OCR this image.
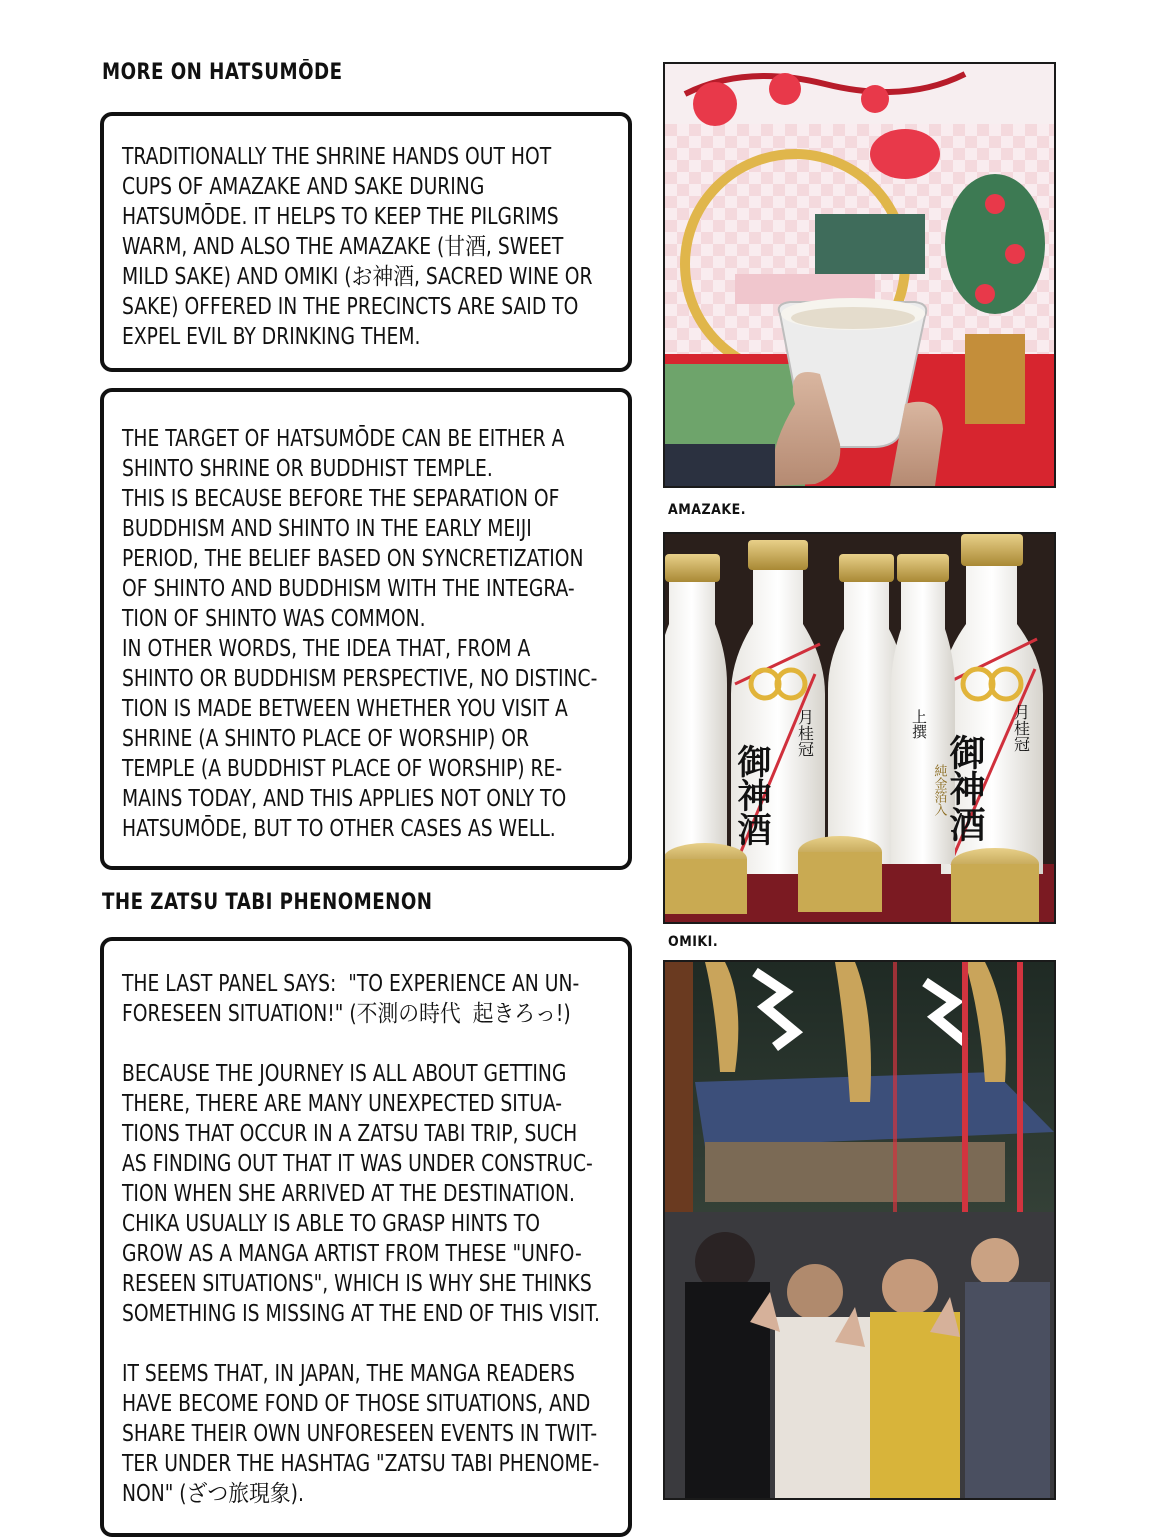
MORE ON HATSUMŌDE

TRADITIONALLY THE SHRINE HANDS OUT HOT
CUPS OF AMAZAKE AND SAKE DURING
HATSUMŌDE. IT HELPS TO KEEP THE PILGRIMS
WARM, AND ALSO THE AMAZAKE (甘酒, SWEET
MILD SAKE) AND OMIKI (お神酒, SACRED WINE OR
SAKE) OFFERED IN THE PRECINCTS ARE SAID TO
EXPEL EVIL BY DRINKING THEM.

THE TARGET OF HATSUMŌDE CAN BE EITHER A
SHINTO SHRINE OR BUDDHIST TEMPLE.
THIS IS BECAUSE BEFORE THE SEPARATION OF
BUDDHISM AND SHINTO IN THE EARLY MEIJI
PERIOD, THE BELIEF BASED ON SYNCRETIZATION
OF SHINTO AND BUDDHISM WITH THE INTEGRA-
TION OF SHINTO WAS COMMON.
IN OTHER WORDS, THE IDEA THAT, FROM A
SHINTO OR BUDDHISM PERSPECTIVE, NO DISTINC-
TION IS MADE BETWEEN WHETHER YOU VISIT A
SHRINE (A SHINTO PLACE OF WORSHIP) OR
TEMPLE (A BUDDHIST PLACE OF WORSHIP) RE-
MAINS TODAY, AND THIS APPLIES NOT ONLY TO
HATSUMŌDE, BUT TO OTHER CASES AS WELL.

THE ZATSU TABI PHENOMENON

THE LAST PANEL SAYS:  "TO EXPERIENCE AN UN-
FORESEEN SITUATION!" (不測の時代  起きろっ!)

BECAUSE THE JOURNEY IS ALL ABOUT GETTING
THERE, THERE ARE MANY UNEXPECTED SITUA-
TIONS THAT OCCUR IN A ZATSU TABI TRIP, SUCH
AS FINDING OUT THAT IT WAS UNDER CONSTRUC-
TION WHEN SHE ARRIVED AT THE DESTINATION.
CHIKA USUALLY IS ABLE TO GRASP HINTS TO
GROW AS A MANGA ARTIST FROM THESE "UNFO-
RESEEN SITUATIONS", WHICH IS WHY SHE THINKS
SOMETHING IS MISSING AT THE END OF THIS VISIT.

IT SEEMS THAT, IN JAPAN, THE MANGA READERS
HAVE BECOME FOND OF THOSE SITUATIONS, AND
SHARE THEIR OWN UNFORESEEN EVENTS IN TWIT-
TER UNDER THE HASHTAG "ZATSU TABI PHENOME-
NON" (ざつ旅現象).

AMAZAKE.

御神酒
月桂冠
御神酒
月桂冠
上撰
純金箔入

OMIKI.
